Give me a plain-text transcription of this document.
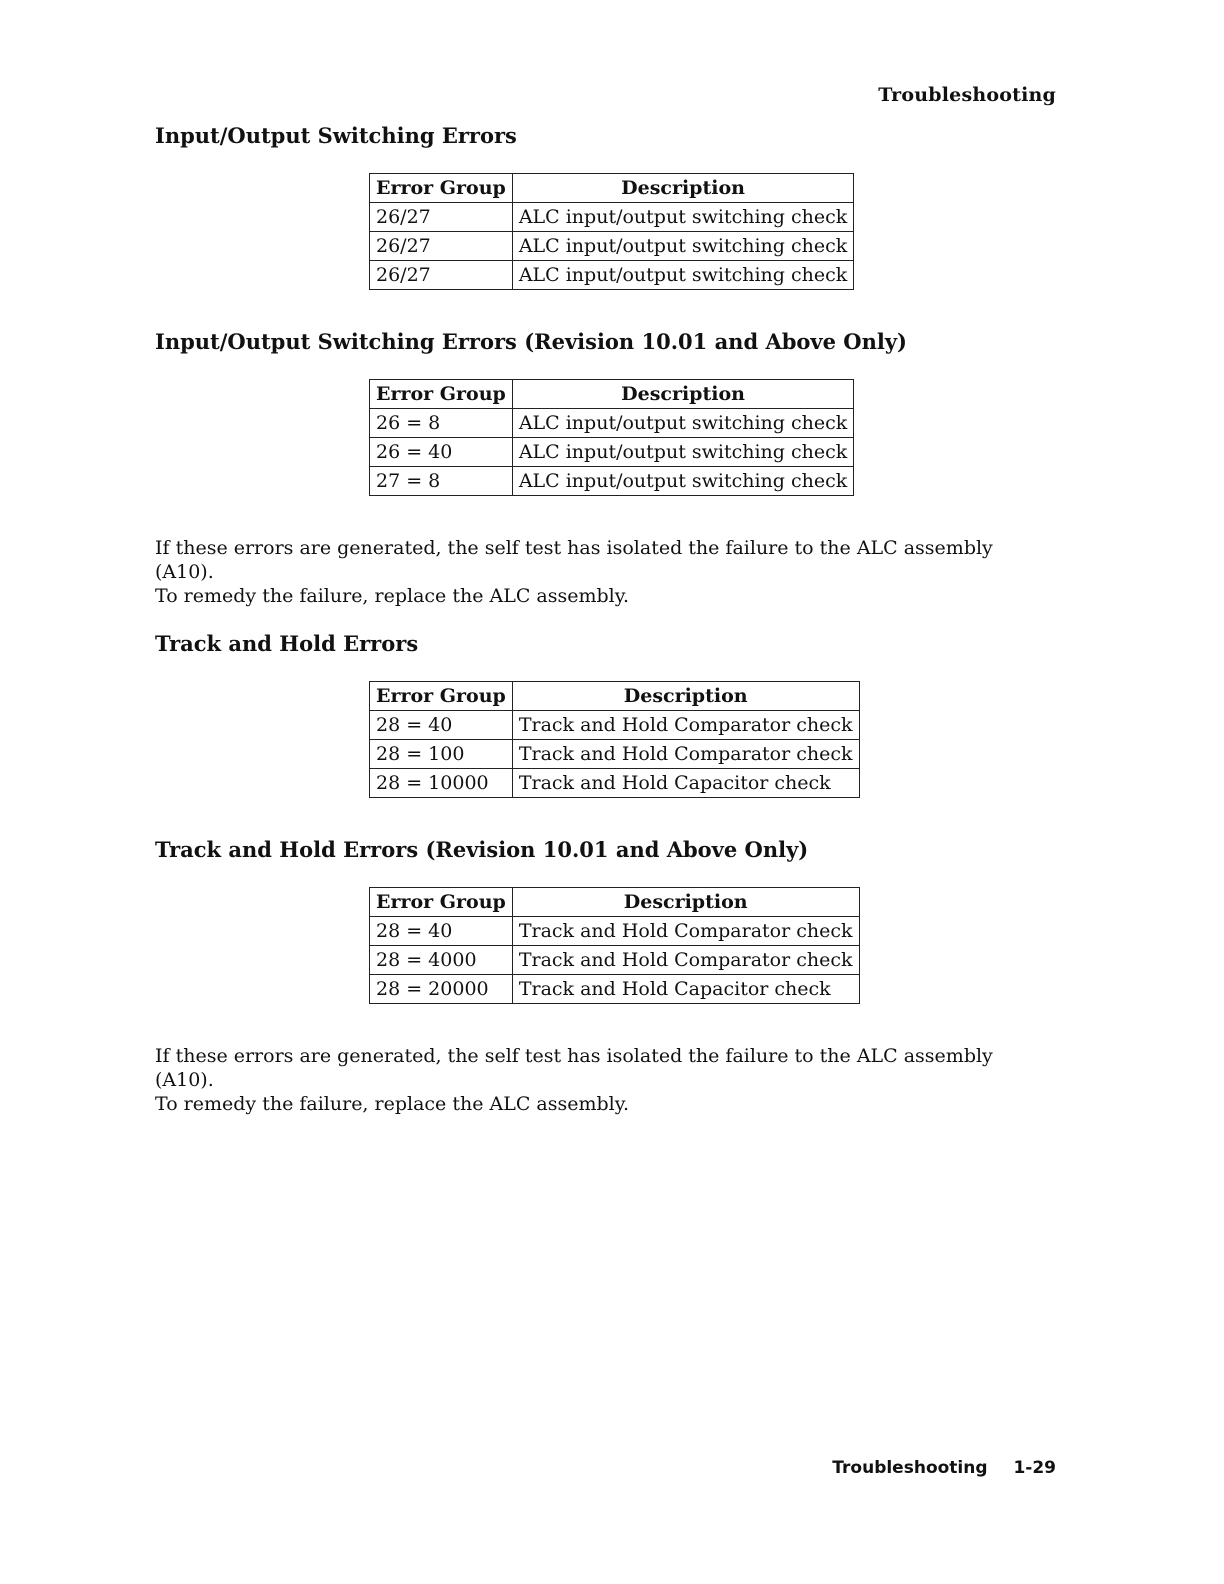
Troubleshooting
Input/Output Switching Errors
Error Group	Description
26/27	ALC input/output switching check
26/27	ALC input/output switching check
26/27	ALC input/output switching check
Input/Output Switching Errors (Revision 10.01 and Above Only)
Error Group	Description
26 = 8	ALC input/output switching check
26 = 40	ALC input/output switching check
27 = 8	ALC input/output switching check

If these errors are generated, the self test has isolated the failure to the ALC assembly (A10).
To remedy the failure, replace the ALC assembly.

Track and Hold Errors
Error Group	Description
28 = 40	Track and Hold Comparator check
28 = 100	Track and Hold Comparator check
28 = 10000	Track and Hold Capacitor check
Track and Hold Errors (Revision 10.01 and Above Only)
Error Group	Description
28 = 40	Track and Hold Comparator check
28 = 4000	Track and Hold Comparator check
28 = 20000	Track and Hold Capacitor check

If these errors are generated, the self test has isolated the failure to the ALC assembly (A10).
To remedy the failure, replace the ALC assembly.

Troubleshooting 1-29
